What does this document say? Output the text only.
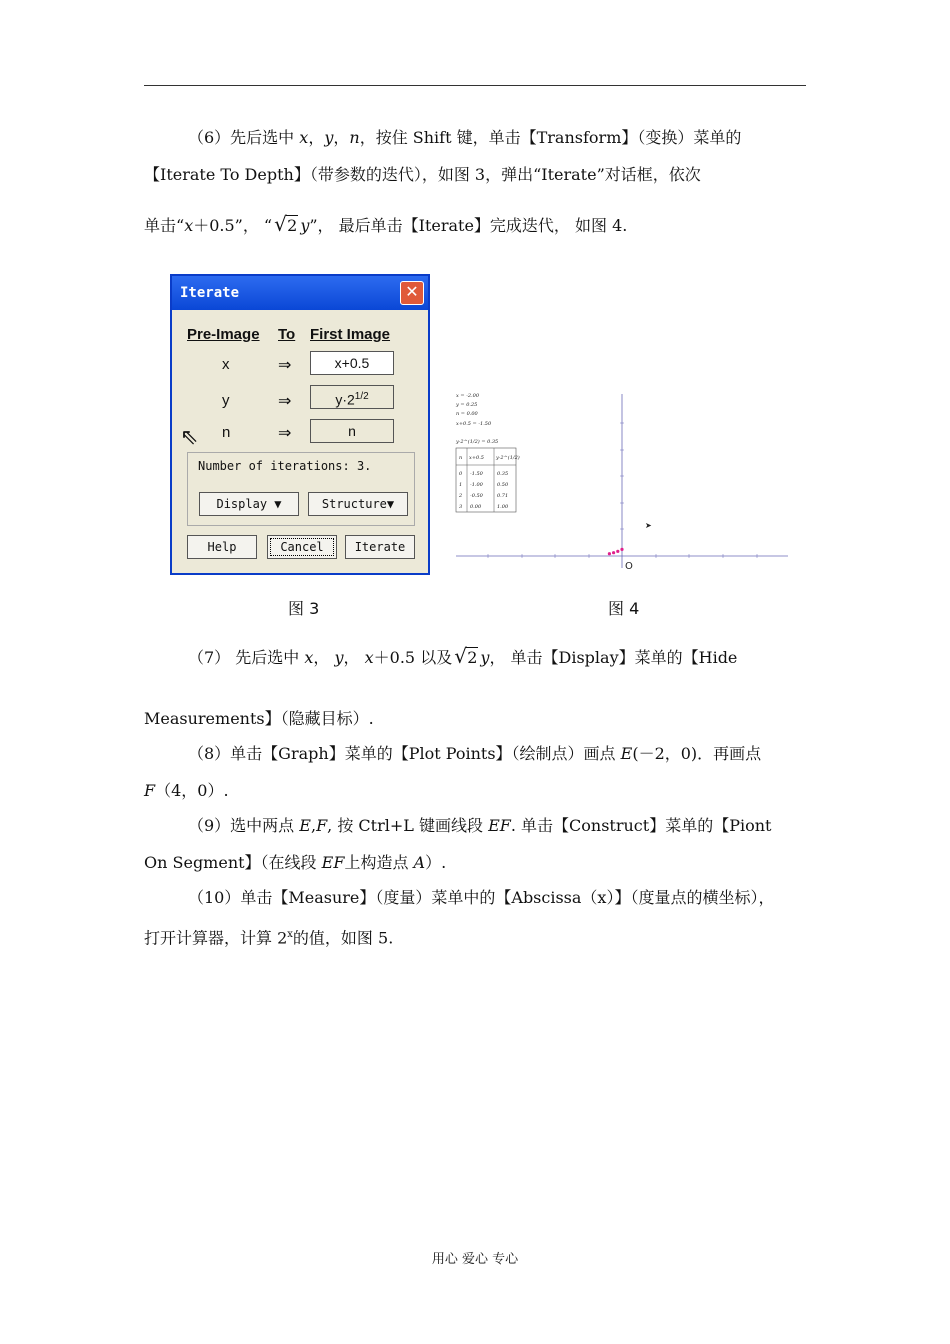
（6）先后选中 x，y，n，按住 Shift 键，单击【Transform】（变换）菜单的
【Iterate To Depth】（带参数的迭代），如图 3，弹出“Iterate”对话框，依次
单击“x＋0.5”， “ √ 2 y”， 最后单击【Iterate】完成迭代， 如图 4.
Iterate	✕
Pre-Image To First Image
x	⇒	x+0.5
y	⇒	$y\cdot 2^{1/2}$
n	⇒	n
⇖
Number of iterations: 3.
Display ▼	Structure▼
Help	Cancel	Iterate
x = -2.00
y = 0.25
n = 0.00
x+0.5 = -1.50
y·2^(1/2) = 0.35
n x+0.5 y·2^(1/2)
0 -1.50	0.35
1 -1.00	0.50
2 -0.50	0.71
3 0.00	1.00
O
➤
图 3	图 4
（7） 先后选中 x， y， x＋0.5 以及 √ 2 y， 单击【Display】菜单的【Hide
Measurements】（隐藏目标）.
（8）单击【Graph】菜单的【Plot Points】（绘制点）画点 E(－2，0)．再画点
F（4，0）.
（9）选中两点 E,F, 按 Ctrl+L 键画线段 EF. 单击【Construct】菜单的【Piont
On Segment】（在线段 EF上构造点 A）.
（10）单击【Measure】（度量）菜单中的【Abscissa（x）】（度量点的横坐标），
打开计算器，计算 2$^x$的值，如图 5.
用心 爱心 专心
